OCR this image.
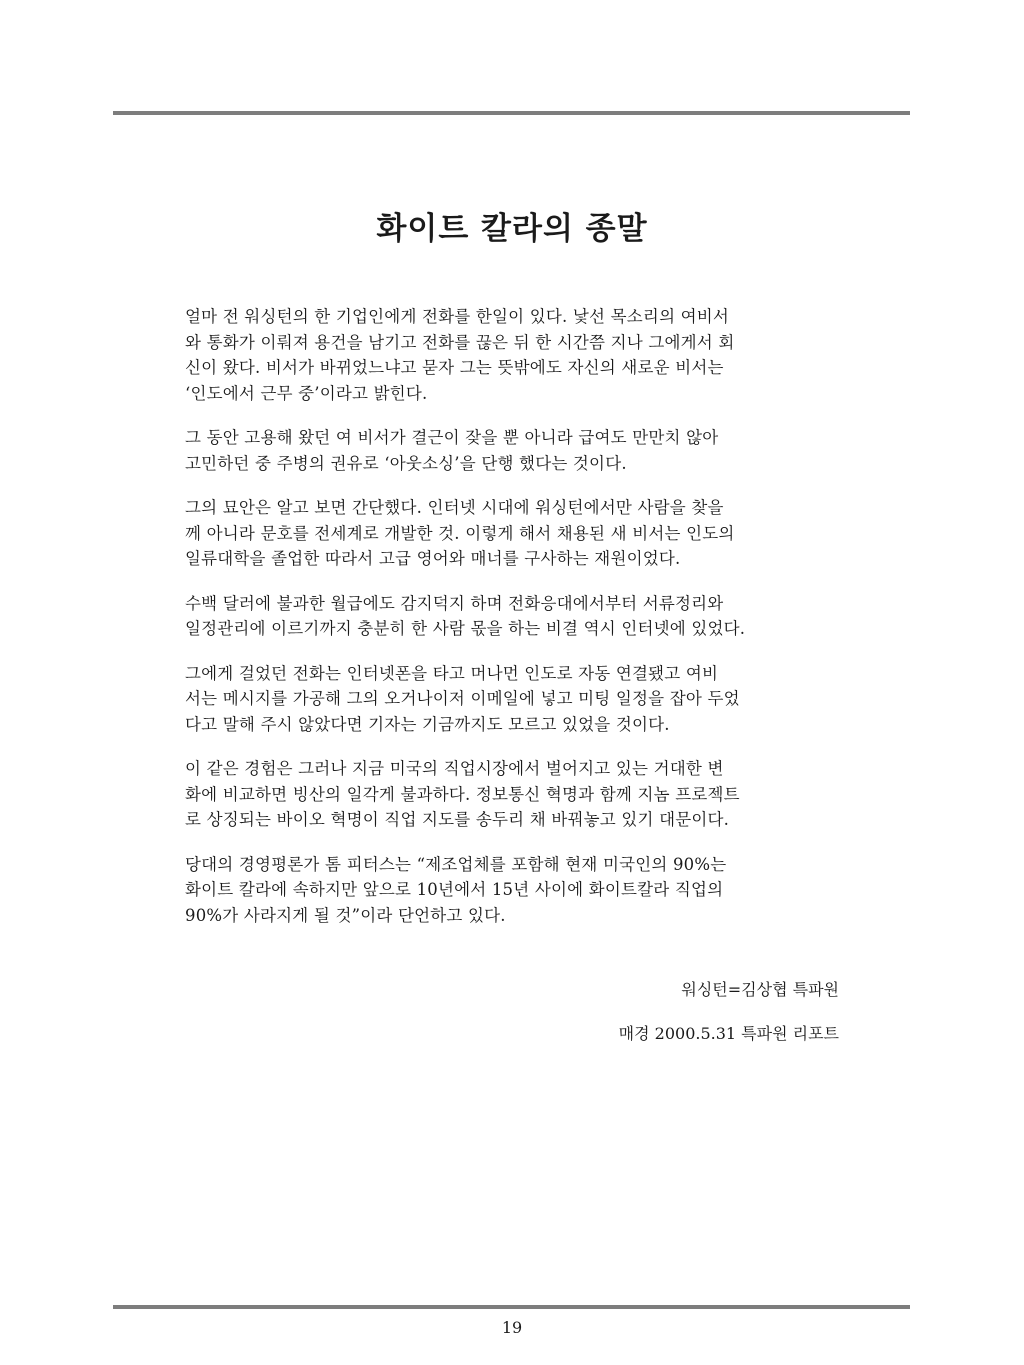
화이트 칼라의 종말

얼마 전 워싱턴의 한 기업인에게 전화를 한일이 있다. 낯선 목소리의 여비서
와 통화가 이뤄져 용건을 남기고 전화를 끊은 뒤 한 시간쯤 지나 그에게서 회
신이 왔다. 비서가 바뀌었느냐고 묻자 그는 뜻밖에도 자신의 새로운 비서는
‘인도에서 근무 중’이라고 밝힌다.

그 동안 고용해 왔던 여 비서가 결근이 잦을 뿐 아니라 급여도 만만치 않아
고민하던 중 주병의 권유로 ‘아웃소싱’을 단행 했다는 것이다.

그의 묘안은 알고 보면 간단했다. 인터넷 시대에 워싱턴에서만 사람을 찾을
께 아니라 문호를 전세계로 개발한 것. 이렇게 해서 채용된 새 비서는 인도의
일류대학을 졸업한 따라서 고급 영어와 매너를 구사하는 재원이었다.

수백 달러에 불과한 월급에도 감지덕지 하며 전화응대에서부터 서류정리와
일정관리에 이르기까지 충분히 한 사람 몫을 하는 비결 역시 인터넷에 있었다.

그에게 걸었던 전화는 인터넷폰을 타고 머나먼 인도로 자동 연결됐고 여비
서는 메시지를 가공해 그의 오거나이저 이메일에 넣고 미팅 일정을 잡아 두었
다고 말해 주시 않았다면 기자는 기금까지도 모르고 있었을 것이다.

이 같은 경험은 그러나 지금 미국의 직업시장에서 벌어지고 있는 거대한 변
화에 비교하면 빙산의 일각게 불과하다. 정보통신 혁명과 함께 지놈 프로젝트
로 상징되는 바이오 혁명이 직업 지도를 송두리 채 바꿔놓고 있기 대문이다.

당대의 경영평론가 톰 피터스는 “제조업체를 포함해 현재 미국인의 90%는
화이트 칼라에 속하지만 앞으로 10년에서 15년 사이에 화이트칼라 직업의
90%가 사라지게 될 것”이라 단언하고 있다.

워싱턴=김상협 특파원
매경 2000.5.31 특파원 리포트
19
